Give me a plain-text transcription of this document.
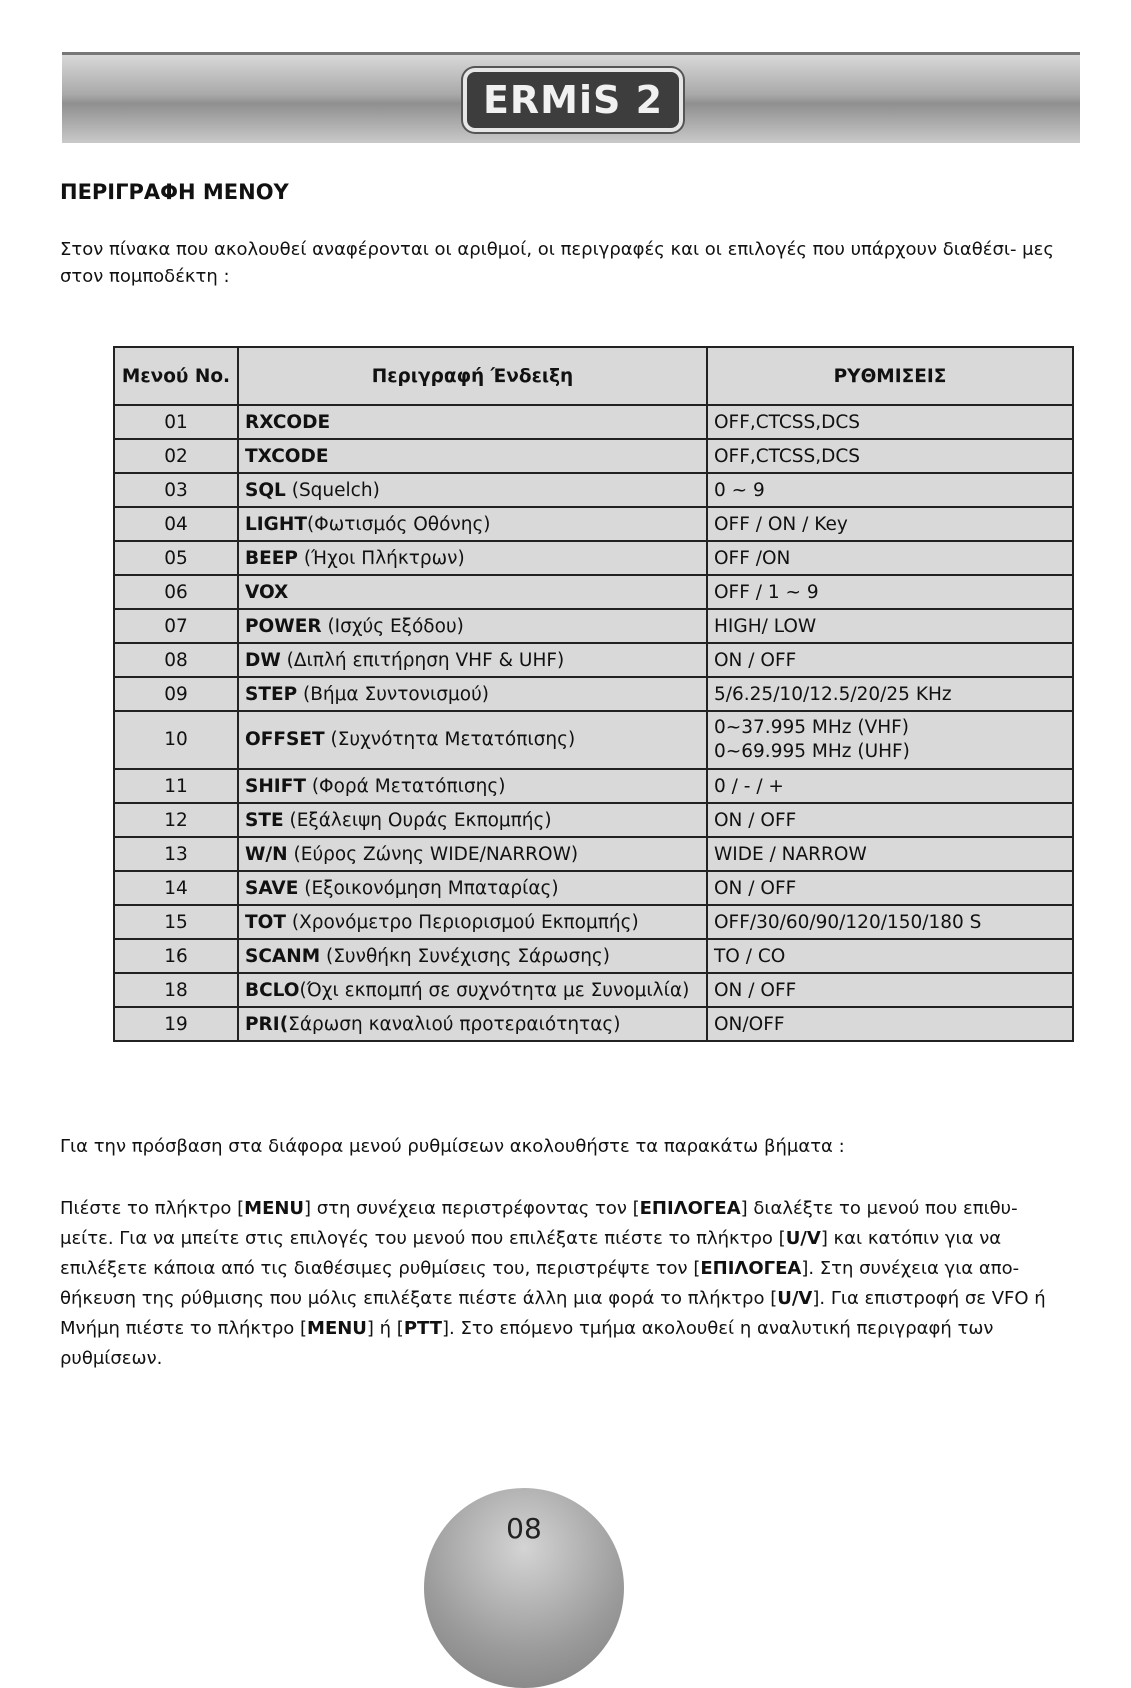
ERMiS 2
ΠΕΡΙΓΡΑΦΗ ΜΕΝΟΥ

Στον πίνακα που ακολουθεί αναφέρονται οι αριθμοί, οι περιγραφές και οι επιλογές που υπάρχουν διαθέσι- μες στον πομποδέκτη :

Μενού No.	Περιγραφή Ένδειξη	ΡΥΘΜΙΣΕΙΣ
01	RXCODE	OFF,CTCSS,DCS
02	TXCODE	OFF,CTCSS,DCS
03	SQL (Squelch)	0 ~ 9
04	LIGHT(Φωτισμός Οθόνης)	OFF / ON / Key
05	BEEP (Ήχοι Πλήκτρων)	OFF /ON
06	VOX	OFF / 1 ~ 9
07	POWER (Ισχύς Εξόδου)	HIGH/ LOW
08	DW (Διπλή επιτήρηση VHF & UHF)	ON / OFF
09	STEP (Βήμα Συντονισμού)	5/6.25/10/12.5/20/25 KHz
10	OFFSET (Συχνότητα Μετατόπισης)	0~37.995 MHz (VHF)
0~69.995 MHz (UHF)
11	SHIFT (Φορά Μετατόπισης)	0 / - / +
12	STE (Εξάλειψη Ουράς Εκπομπής)	ON / OFF
13	W/N (Εύρος Ζώνης WIDE/NARROW)	WIDE / NARROW
14	SAVE (Εξοικονόμηση Μπαταρίας)	ON / OFF
15	TOT (Χρονόμετρο Περιορισμού Εκπομπής)	OFF/30/60/90/120/150/180 S
16	SCANM (Συνθήκη Συνέχισης Σάρωσης)	TO / CO
18	BCLO(Όχι εκπομπή σε συχνότητα με Συνομιλία)	ON / OFF
19	PRI(Σάρωση καναλιού προτεραιότητας)	ON/OFF

Για την πρόσβαση στα διάφορα μενού ρυθμίσεων ακολουθήστε τα παρακάτω βήματα :

Πιέστε το πλήκτρο [MENU] στη συνέχεια περιστρέφοντας τον [ΕΠΙΛΟΓΕΑ] διαλέξτε το μενού που επιθυ- μείτε. Για να μπείτε στις επιλογές του μενού που επιλέξατε πιέστε το πλήκτρο [U/V] και κατόπιν για να επιλέξετε κάποια από τις διαθέσιμες ρυθμίσεις του, περιστρέψτε τον [ΕΠΙΛΟΓΕΑ]. Στη συνέχεια για απο- θήκευση της ρύθμισης που μόλις επιλέξατε πιέστε άλλη μια φορά το πλήκτρο [U/V]. Για επιστροφή σε VFO ή Μνήμη πιέστε το πλήκτρο [MENU] ή [PTT]. Στο επόμενο τμήμα ακολουθεί η αναλυτική περιγραφή των ρυθμίσεων.

08
